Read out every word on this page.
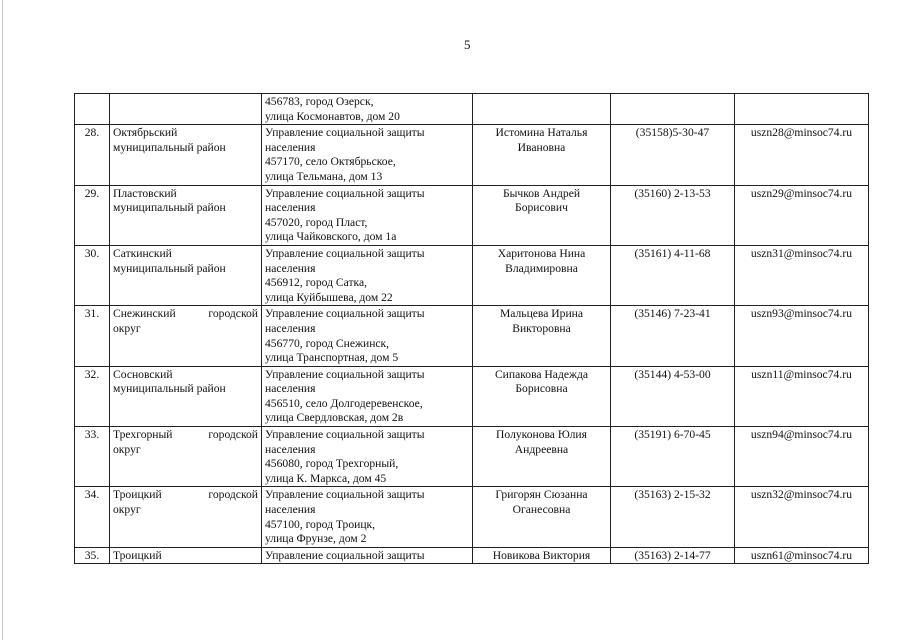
5

		456783, город Озерск,
улица Космонавтов, дом 20			

28.	Октябрьский
муниципальный район	Управление социальной защиты
населения
457170, село Октябрьское,
улица Тельмана, дом 13	Истомина Наталья
Ивановна	(35158)5-30-47	uszn28@minsoc74.ru

29.	Пластовский
муниципальный район	Управление социальной защиты
населения
457020, город Пласт,
улица Чайковского, дом 1а	Бычков Андрей
Борисович	(35160) 2-13-53	uszn29@minsoc74.ru

30.	Саткинский
муниципальный район	Управление социальной защиты
населения
456912, город Сатка,
улица Куйбышева, дом 22	Харитонова Нина
Владимировна	(35161) 4-11-68	uszn31@minsoc74.ru

31.	Снежинский городской
округ	Управление социальной защиты
населения
456770, город Снежинск,
улица Транспортная, дом 5	Мальцева Ирина
Викторовна	(35146) 7-23-41	uszn93@minsoc74.ru

32.	Сосновский
муниципальный район	Управление социальной защиты
населения
456510, село Долгодеревенское,
улица Свердловская, дом 2в	Сипакова Надежда
Борисовна	(35144) 4-53-00	uszn11@minsoc74.ru

33.	Трехгорный городской
округ	Управление социальной защиты
населения
456080, город Трехгорный,
улица К. Маркса, дом 45	Полуконова Юлия
Андреевна	(35191) 6-70-45	uszn94@minsoc74.ru

34.	Троицкий городской
округ	Управление социальной защиты
населения
457100, город Троицк,
улица Фрунзе, дом 2	Григорян Сюзанна
Оганесовна	(35163) 2-15-32	uszn32@minsoc74.ru

35.	Троицкий	Управление социальной защиты	Новикова Виктория	(35163) 2-14-77	uszn61@minsoc74.ru
